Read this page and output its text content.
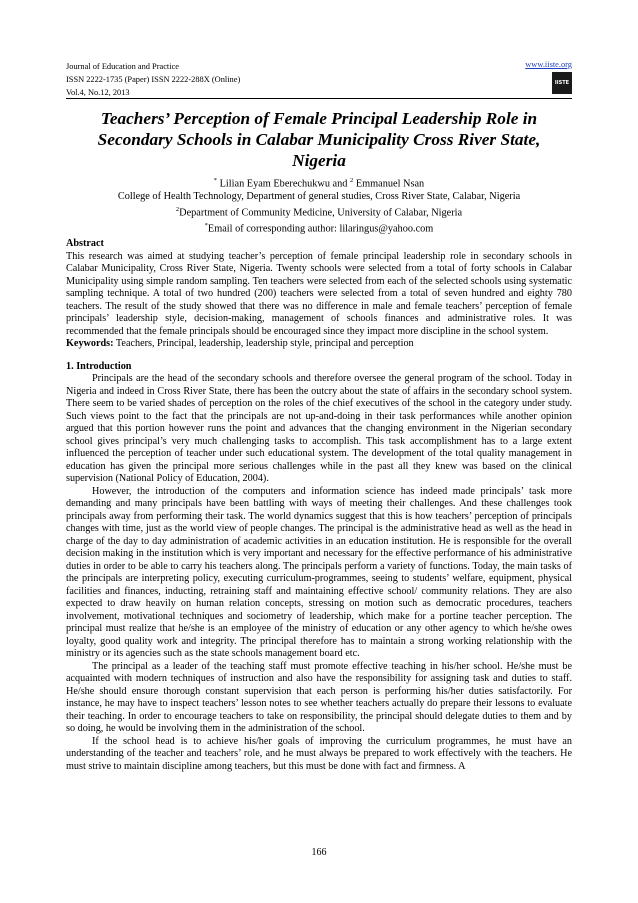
Journal of Education and Practice
ISSN 2222-1735 (Paper) ISSN 2222-288X (Online)
Vol.4, No.12, 2013
www.iiste.org
IISTE
Teachers’ Perception of Female Principal Leadership Role in Secondary Schools in Calabar Municipality Cross River State, Nigeria
* Lilian Eyam Eberechukwu and $^2$ Emmanuel Nsan
College of Health Technology, Department of general studies, Cross River State, Calabar, Nigeria
$^2$Department of Community Medicine, University of Calabar, Nigeria
*Email of corresponding author: lilaringus@yahoo.com

Abstract

This research was aimed at studying teacher’s perception of female principal leadership role in secondary schools in Calabar Municipality, Cross River State, Nigeria. Twenty schools were selected from a total of forty schools in Calabar Municipality using simple random sampling. Ten teachers were selected from each of the selected schools using systematic sampling technique. A total of two hundred (200) teachers were selected from a total of seven hundred and eighty 780 teachers. The result of the study showed that there was no difference in male and female teachers’ perception of female principals’ leadership style, decision-making, management of schools finances and administrative roles. It was recommended that the female principals should be encouraged since they impact more discipline in the school system.

Keywords: Teachers, Principal, leadership, leadership style, principal and perception

1. Introduction

Principals are the head of the secondary schools and therefore oversee the general program of the school. Today in Nigeria and indeed in Cross River State, there has been the outcry about the state of affairs in the secondary school system. There seem to be varied shades of perception on the roles of the chief executives of the school in the category under study. Such views point to the fact that the principals are not up-and-doing in their task performances while another opinion argued that this portion however runs the point and advances that the changing environment in the Nigerian secondary school gives principal’s very much challenging tasks to accomplish. This task accomplishment has to a large extent influenced the perception of teacher under such educational system. The development of the total quality management in education has given the principal more serious challenges while in the past all they knew was based on the clinical supervision (National Policy of Education, 2004).

However, the introduction of the computers and information science has indeed made principals’ task more demanding and many principals have been battling with ways of meeting their challenges. And these challenges took principals away from performing their task. The world dynamics suggest that this is how teachers’ perception of principals changes with time, just as the world view of people changes. The principal is the administrative head as well as the head in charge of the day to day administration of academic activities in an education institution. He is responsible for the overall decision making in the institution which is very important and necessary for the effective performance of his administrative duties in order to be able to carry his teachers along. The principals perform a variety of functions. Today, the main tasks of the principals are interpreting policy, executing curriculum-programmes, seeing to students’ welfare, equipment, physical facilities and finances, inducting, retraining staff and maintaining effective school/ community relations. They are also expected to draw heavily on human relation concepts, stressing on motion such as democratic procedures, teachers involvement, motivational techniques and sociometry of leadership, which make for a portine teacher perception. The principal must realize that he/she is an employee of the ministry of education or any other agency to which he/she owes loyalty, good quality work and integrity. The principal therefore has to maintain a strong working relationship with the ministry or its agencies such as the state schools management board etc.

The principal as a leader of the teaching staff must promote effective teaching in his/her school. He/she must be acquainted with modern techniques of instruction and also have the responsibility for assigning task and duties to staff. He/she should ensure thorough constant supervision that each person is performing his/her duties satisfactorily. For instance, he may have to inspect teachers’ lesson notes to see whether teachers actually do prepare their lessons to evaluate their teaching. In order to encourage teachers to take on responsibility, the principal should delegate duties to them and by so doing, he would be involving them in the administration of the school.

If the school head is to achieve his/her goals of improving the curriculum programmes, he must have an understanding of the teacher and teachers’ role, and he must always be prepared to work effectively with the teachers. He must strive to maintain discipline among teachers, but this must be done with fact and firmness. A

166
